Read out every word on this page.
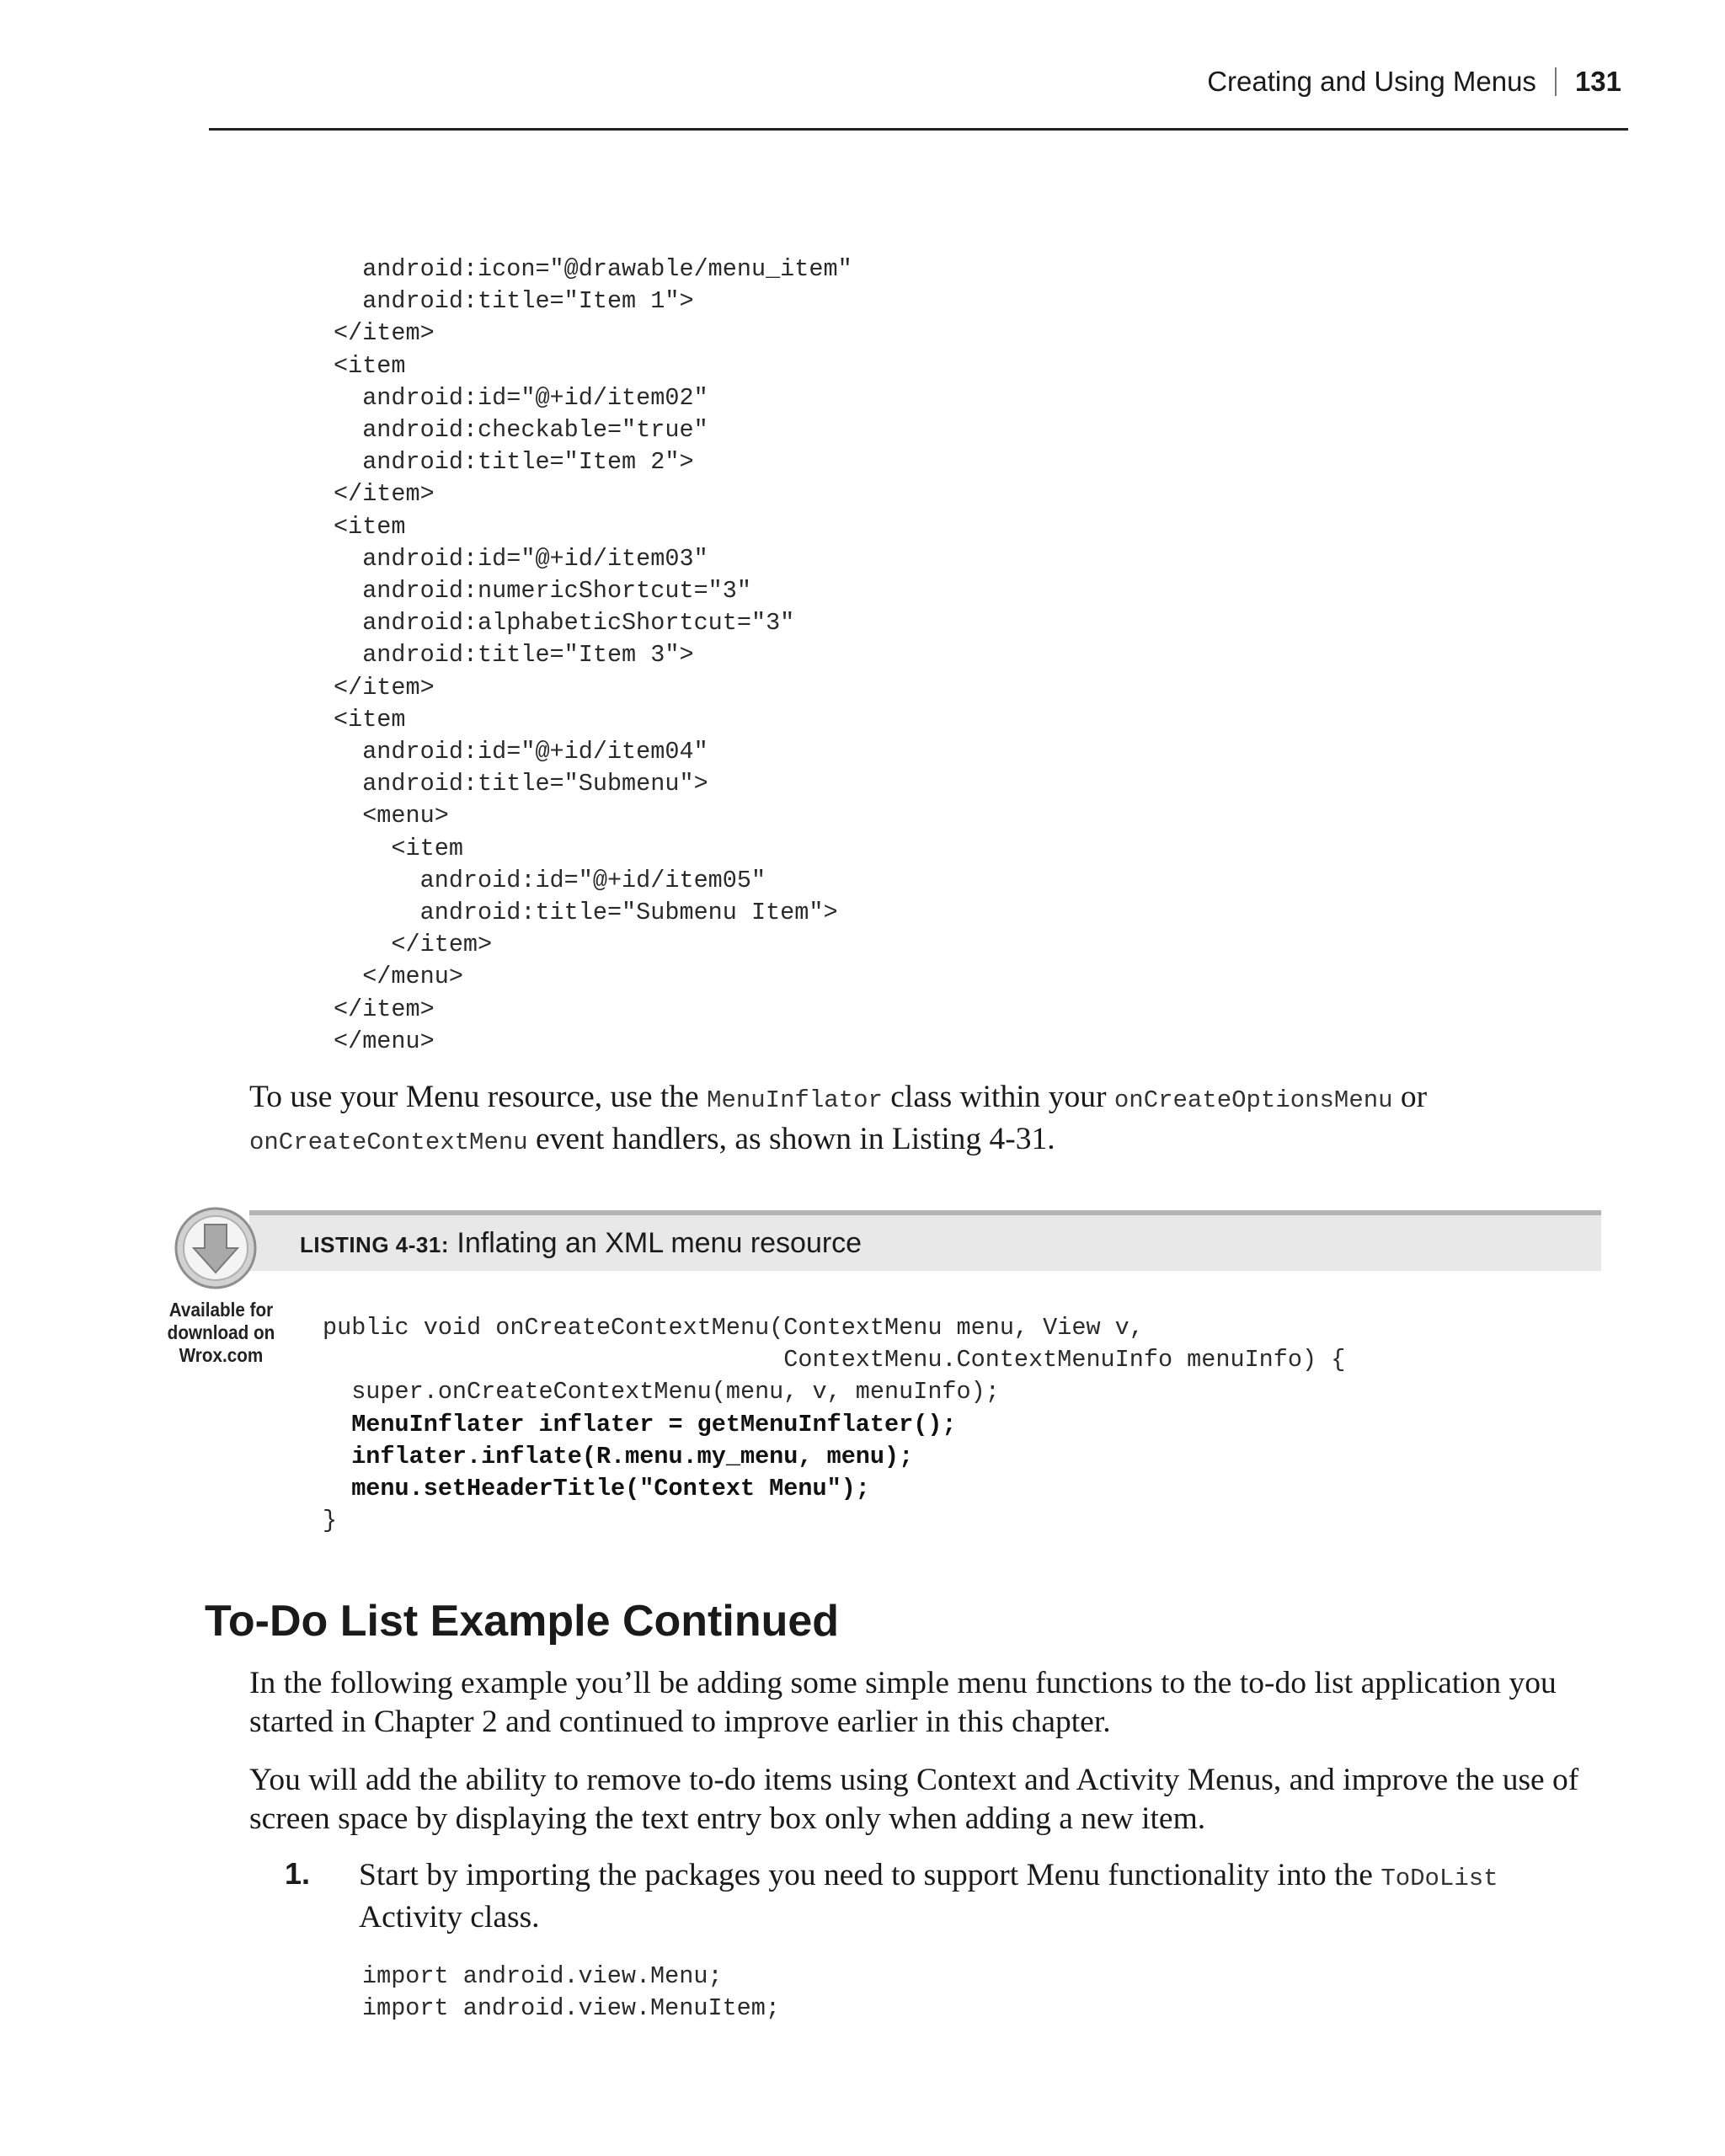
Creating and Using Menus 131
android:icon="@drawable/menu_item"
android:title="Item 1">
</item>
<item
android:id="@+id/item02"
android:checkable="true"
android:title="Item 2">
</item>
<item
android:id="@+id/item03"
android:numericShortcut="3"
android:alphabeticShortcut="3"
android:title="Item 3">
</item>
<item
android:id="@+id/item04"
android:title="Submenu">
<menu>
<item
android:id="@+id/item05"
android:title="Submenu Item">
</item>
</menu>
</item>
</menu>

To use your Menu resource, use the MenuInflator class within your onCreateOptionsMenu or onCreateContextMenu event handlers, as shown in Listing 4-31.

LISTING 4-31: Inflating an XML menu resource
Available for
download on
Wrox.com
public void onCreateContextMenu(ContextMenu menu, View v,
ContextMenu.ContextMenuInfo menuInfo) {
super.onCreateContextMenu(menu, v, menuInfo);
MenuInflater inflater = getMenuInflater();
inflater.inflate(R.menu.my_menu, menu);
menu.setHeaderTitle("Context Menu");
}
To-Do List Example Continued

In the following example you’ll be adding some simple menu functions to the to-do list application you started in Chapter 2 and continued to improve earlier in this chapter.

You will add the ability to remove to-do items using Context and Activity Menus, and improve the use of screen space by displaying the text entry box only when adding a new item.

1. Start by importing the packages you need to support Menu functionality into the ToDoList Activity class.

import android.view.Menu;
import android.view.MenuItem;
